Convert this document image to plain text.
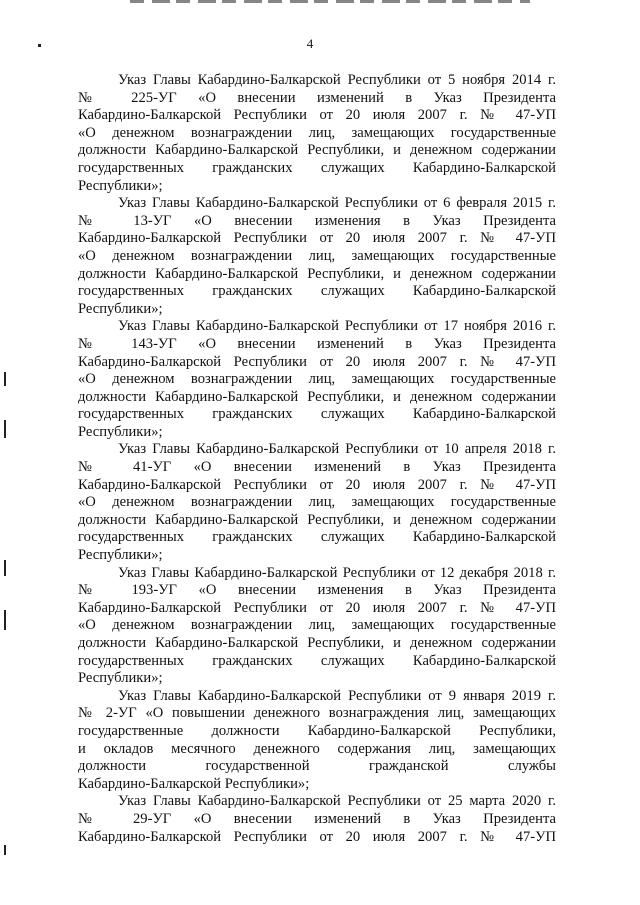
4

Указ Главы Кабардино-Балкарской Республики от 5 ноября 2014 г.
№ 225-УГ «О внесении изменений в Указ Президента
Кабардино-Балкарской Республики от 20 июля 2007 г. № 47-УП
«О денежном вознаграждении лиц, замещающих государственные
должности Кабардино-Балкарской Республики, и денежном содержании
государственных гражданских служащих Кабардино-Балкарской
Республики»;

Указ Главы Кабардино-Балкарской Республики от 6 февраля 2015 г.
№ 13-УГ «О внесении изменения в Указ Президента
Кабардино-Балкарской Республики от 20 июля 2007 г. № 47-УП
«О денежном вознаграждении лиц, замещающих государственные
должности Кабардино-Балкарской Республики, и денежном содержании
государственных гражданских служащих Кабардино-Балкарской
Республики»;

Указ Главы Кабардино-Балкарской Республики от 17 ноября 2016 г.
№ 143-УГ «О внесении изменений в Указ Президента
Кабардино-Балкарской Республики от 20 июля 2007 г. № 47-УП
«О денежном вознаграждении лиц, замещающих государственные
должности Кабардино-Балкарской Республики, и денежном содержании
государственных гражданских служащих Кабардино-Балкарской
Республики»;

Указ Главы Кабардино-Балкарской Республики от 10 апреля 2018 г.
№ 41-УГ «О внесении изменений в Указ Президента
Кабардино-Балкарской Республики от 20 июля 2007 г. № 47-УП
«О денежном вознаграждении лиц, замещающих государственные
должности Кабардино-Балкарской Республики, и денежном содержании
государственных гражданских служащих Кабардино-Балкарской
Республики»;

Указ Главы Кабардино-Балкарской Республики от 12 декабря 2018 г.
№ 193-УГ «О внесении изменения в Указ Президента
Кабардино-Балкарской Республики от 20 июля 2007 г. № 47-УП
«О денежном вознаграждении лиц, замещающих государственные
должности Кабардино-Балкарской Республики, и денежном содержании
государственных гражданских служащих Кабардино-Балкарской
Республики»;

Указ Главы Кабардино-Балкарской Республики от 9 января 2019 г.
№ 2-УГ «О повышении денежного вознаграждения лиц, замещающих
государственные должности Кабардино-Балкарской Республики,
и окладов месячного денежного содержания лиц, замещающих
должности государственной гражданской службы
Кабардино-Балкарской Республики»;

Указ Главы Кабардино-Балкарской Республики от 25 марта 2020 г.
№ 29-УГ «О внесении изменений в Указ Президента
Кабардино-Балкарской Республики от 20 июля 2007 г. № 47-УП
